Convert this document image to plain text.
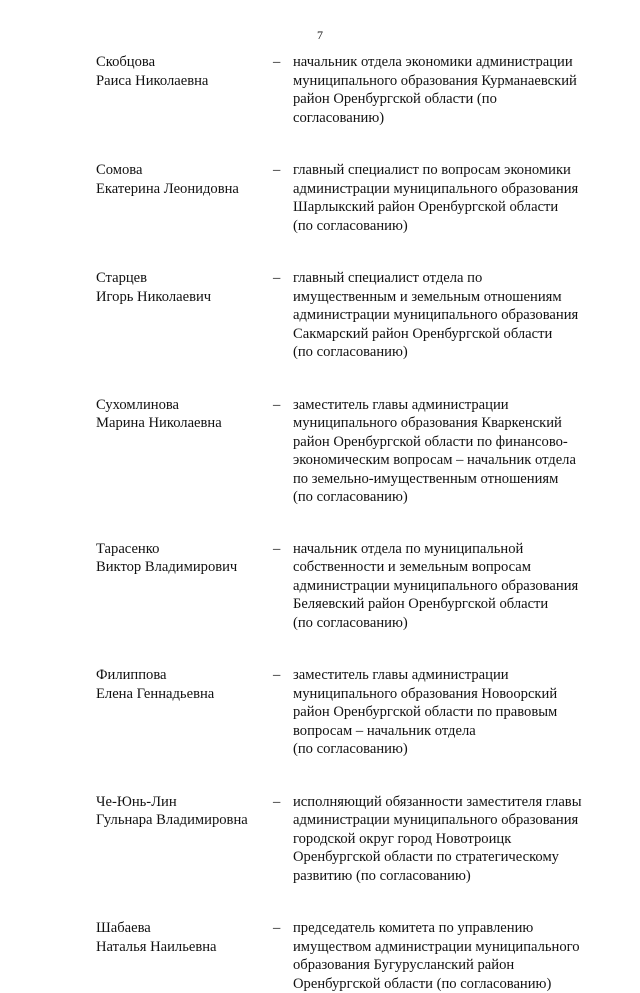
7
Скобцова
Раиса Николаевна
– начальник отдела экономики администрации
муниципального образования Курманаевский
район Оренбургской области (по
согласованию)
Сомова
Екатерина Леонидовна
– главный специалист по вопросам экономики
администрации муниципального образования
Шарлыкский район Оренбургской области
(по согласованию)
Старцев
Игорь Николаевич
– главный специалист отдела по
имущественным и земельным отношениям
администрации муниципального образования
Сакмарский район Оренбургской области
(по согласованию)
Сухомлинова
Марина Николаевна
– заместитель главы администрации
муниципального образования Кваркенский
район Оренбургской области по финансово-
экономическим вопросам – начальник отдела
по земельно-имущественным отношениям
(по согласованию)
Тарасенко
Виктор Владимирович
– начальник отдела по муниципальной
собственности и земельным вопросам
администрации муниципального образования
Беляевский район Оренбургской области
(по согласованию)
Филиппова
Елена Геннадьевна
– заместитель главы администрации
муниципального образования Новоорский
район Оренбургской области по правовым
вопросам – начальник отдела
(по согласованию)
Че-Юнь-Лин
Гульнара Владимировна
– исполняющий обязанности заместителя главы
администрации муниципального образования
городской округ город Новотроицк
Оренбургской области по стратегическому
развитию (по согласованию)
Шабаева
Наталья Наильевна
– председатель комитета по управлению
имуществом администрации муниципального
образования Бугурусланский район
Оренбургской области (по согласованию)
